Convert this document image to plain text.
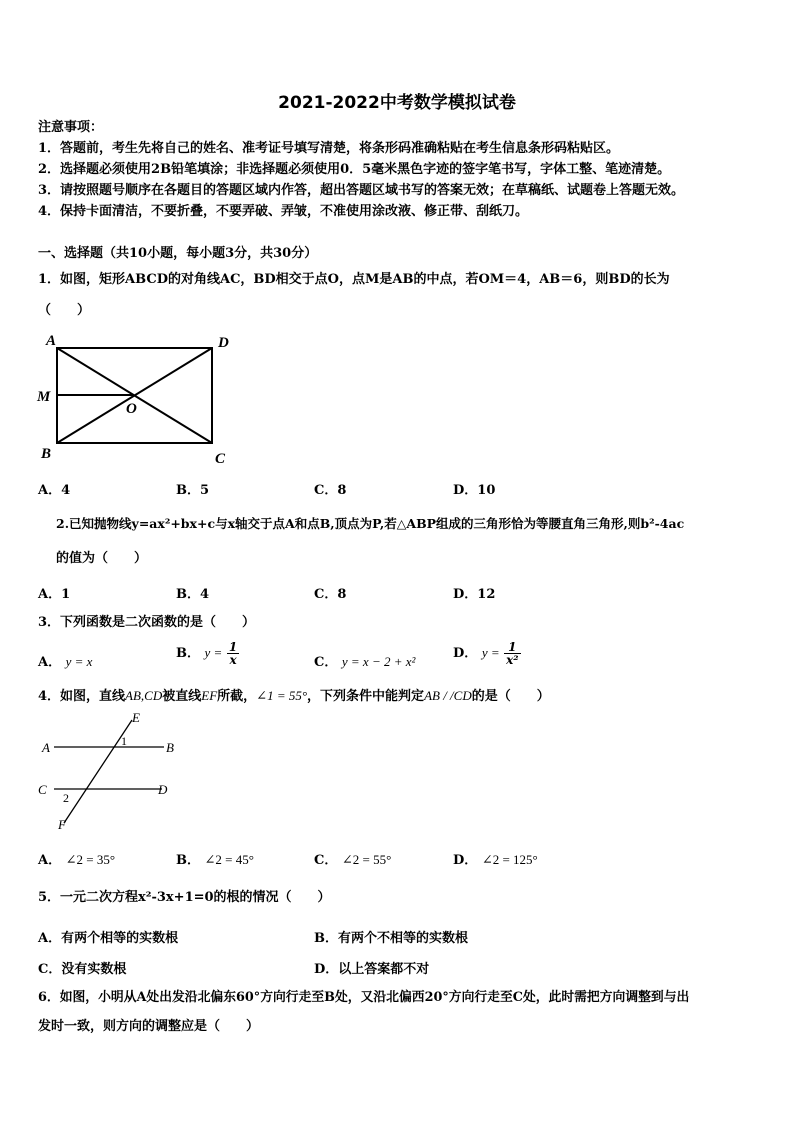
2021-2022中考数学模拟试卷
注意事项：
1．答题前，考生先将自己的姓名、准考证号填写清楚，将条形码准确粘贴在考生信息条形码粘贴区。
2．选择题必须使用2B铅笔填涂；非选择题必须使用0．5毫米黑色字迹的签字笔书写，字体工整、笔迹清楚。
3．请按照题号顺序在各题目的答题区域内作答，超出答题区域书写的答案无效；在草稿纸、试题卷上答题无效。
4．保持卡面清洁，不要折叠，不要弄破、弄皱，不准使用涂改液、修正带、刮纸刀。
一、选择题（共10小题，每小题3分，共30分）
1．如图，矩形ABCD的对角线AC，BD相交于点O，点M是AB的中点，若OM＝4，AB＝6，则BD的长为
（　　）
A	D
M
O
B	C
A．4	B．5	C．8	D．10
2.已知抛物线y=ax²+bx+c与x轴交于点A和点B,顶点为P,若△ABP组成的三角形恰为等腰直角三角形,则b²-4ac
的值为（　　）
A．1	B．4	C．8	D．12
3．下列函数是二次函数的是（　　）
A． y = x
B． $y = \frac{1}{x}$	C． y = x − 2 + x²
D． $y = \frac{1}{\text{x²}}$
4．如图，直线AB,CD被直线EF所截，∠1 = 55°，下列条件中能判定AB / /CD的是（　　）
E
A	B
1
C	D
2
F
A． ∠2 = 35°	B． ∠2 = 45°	C． ∠2 = 55°	D． ∠2 = 125°
5．一元二次方程x²-3x+1=0的根的情况（　　）
A．有两个相等的实数根	B．有两个不相等的实数根
C．没有实数根	D．以上答案都不对
6．如图，小明从A处出发沿北偏东60°方向行走至B处，又沿北偏西20°方向行走至C处，此时需把方向调整到与出
发时一致，则方向的调整应是（　　）
